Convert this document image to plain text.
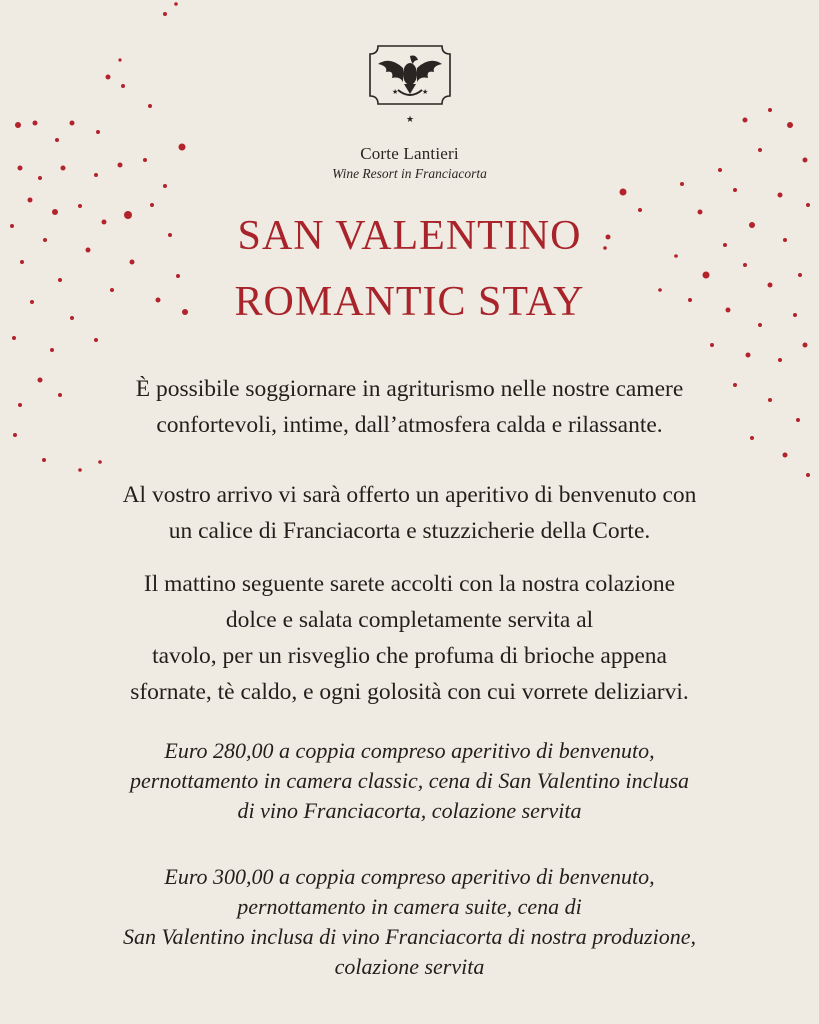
★	★
★
Corte Lantieri
Wine Resort in Franciacorta
SAN VALENTINO
ROMANTIC STAY
È possibile soggiornare in agriturismo nelle nostre camere
confortevoli, intime, dall’atmosfera calda e rilassante.
Al vostro arrivo vi sarà offerto un aperitivo di benvenuto con
un calice di Franciacorta e stuzzicherie della Corte.
Il mattino seguente sarete accolti con la nostra colazione
dolce e salata completamente servita al
tavolo, per un risveglio che profuma di brioche appena
sfornate, tè caldo, e ogni golosità con cui vorrete deliziarvi.
Euro 280,00 a coppia compreso aperitivo di benvenuto,
pernottamento in camera classic, cena di San Valentino inclusa
di vino Franciacorta, colazione servita
Euro 300,00 a coppia compreso aperitivo di benvenuto,
pernottamento in camera suite, cena di
San Valentino inclusa di vino Franciacorta di nostra produzione,
colazione servita
